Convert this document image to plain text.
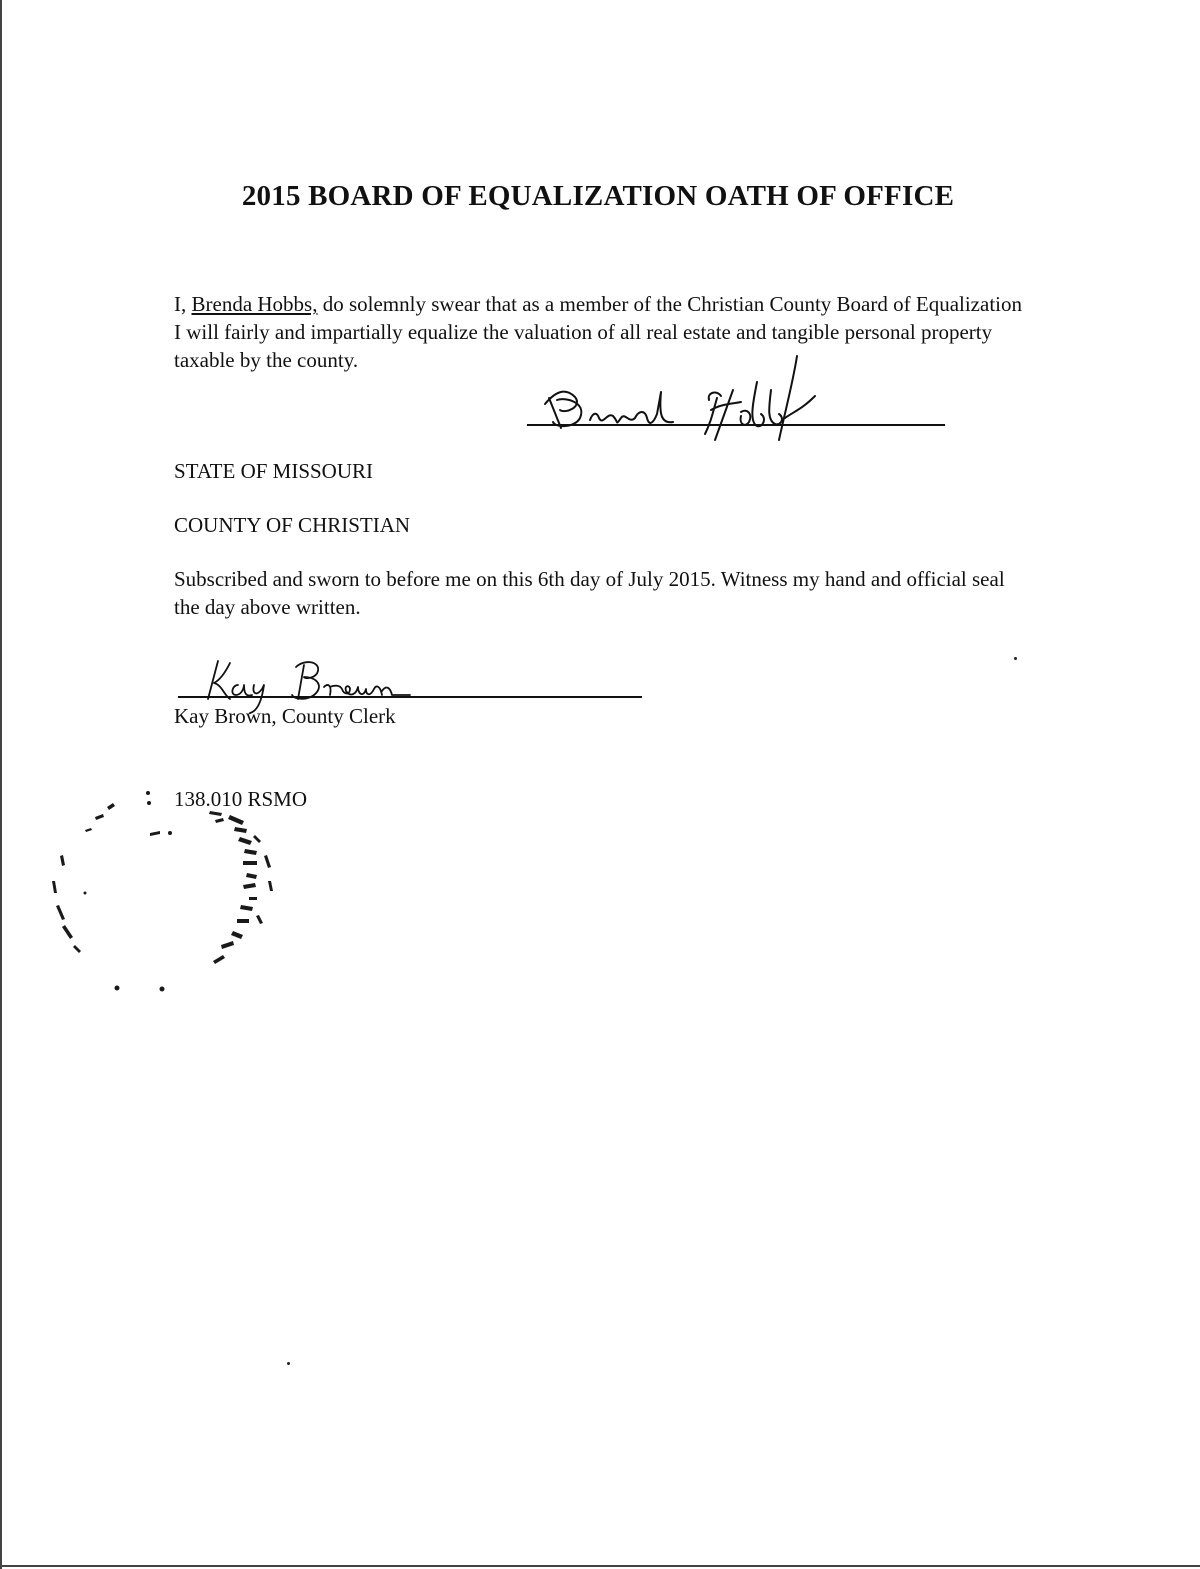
2015 BOARD OF EQUALIZATION OATH OF OFFICE
I, Brenda Hobbs, do solemnly swear that as a member of the Christian County Board of Equalization I will fairly and impartially equalize the valuation of all real estate and tangible personal property taxable by the county.
STATE OF MISSOURI
COUNTY OF CHRISTIAN
Subscribed and sworn to before me on this 6th day of July 2015. Witness my hand and official seal the day above written.
Kay Brown, County Clerk
138.010 RSMO
